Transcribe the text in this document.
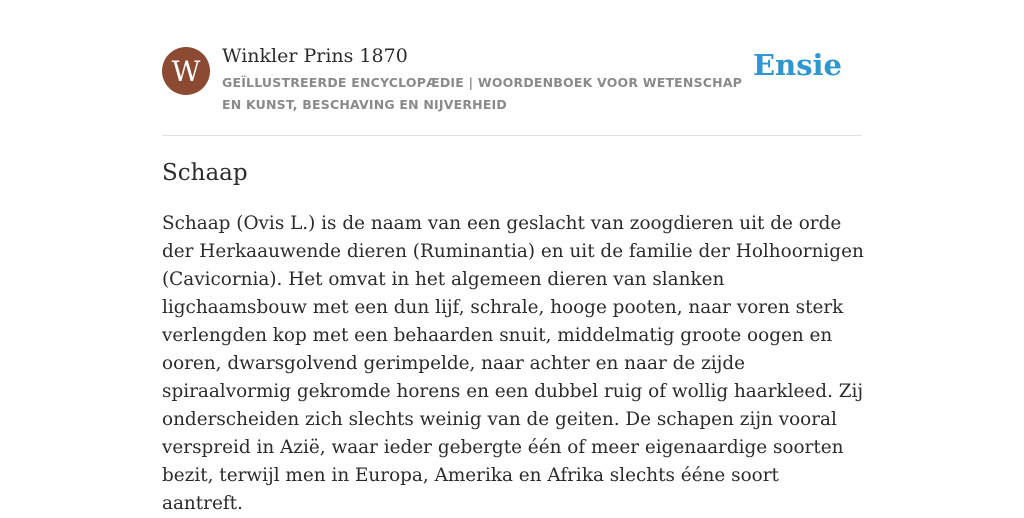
W	Winkler Prins 1870
GEÏLLUSTREERDE ENCYCLOPÆDIE | WOORDENBOEK VOOR WETENSCHAP EN KUNST, BESCHAVING EN NIJVERHEID
Ensie
Schaap

Schaap (Ovis L.) is de naam van een geslacht van zoogdieren uit de orde der Herkaauwende dieren (Ruminantia) en uit de familie der Holhoornigen (Cavicornia). Het omvat in het algemeen dieren van slanken ligchaamsbouw met een dun lijf, schrale, hooge pooten, naar voren sterk verlengden kop met een behaarden snuit, middelmatig groote oogen en ooren, dwarsgolvend gerimpelde, naar achter en naar de zijde spiraalvormig gekromde horens en een dubbel ruig of wollig haarkleed. Zij onderscheiden zich slechts weinig van de geiten. De schapen zijn vooral verspreid in Azië, waar ieder gebergte één of meer eigenaardige soorten bezit, terwijl men in Europa, Amerika en Afrika slechts ééne soort aantreft.
